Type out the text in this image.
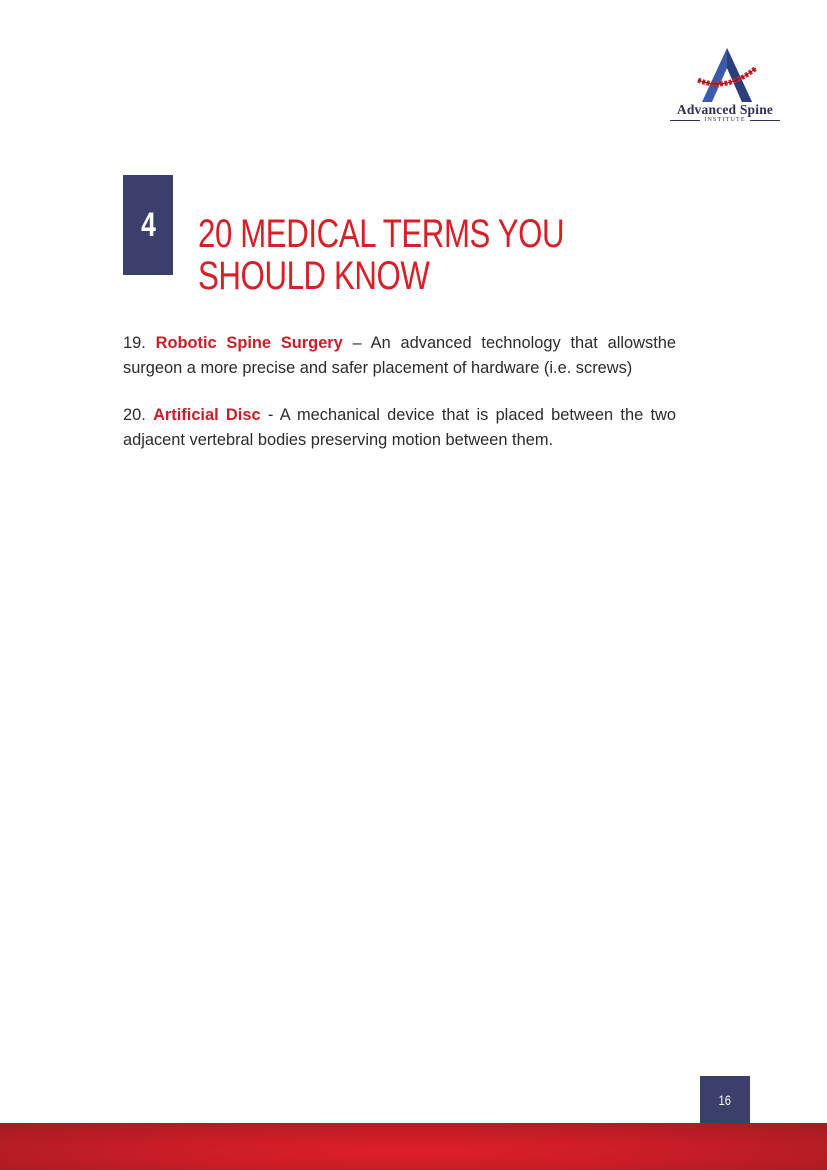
Advanced Spine
INSTITUTE
4 20 MEDICAL TERMS YOU
SHOULD KNOW

19. Robotic Spine Surgery – An advanced technology that allowsthe surgeon a more precise and safer placement of hardware (i.e. screws)

20. Artificial Disc - A mechanical device that is placed between the two adjacent vertebral bodies preserving motion between them.

16
